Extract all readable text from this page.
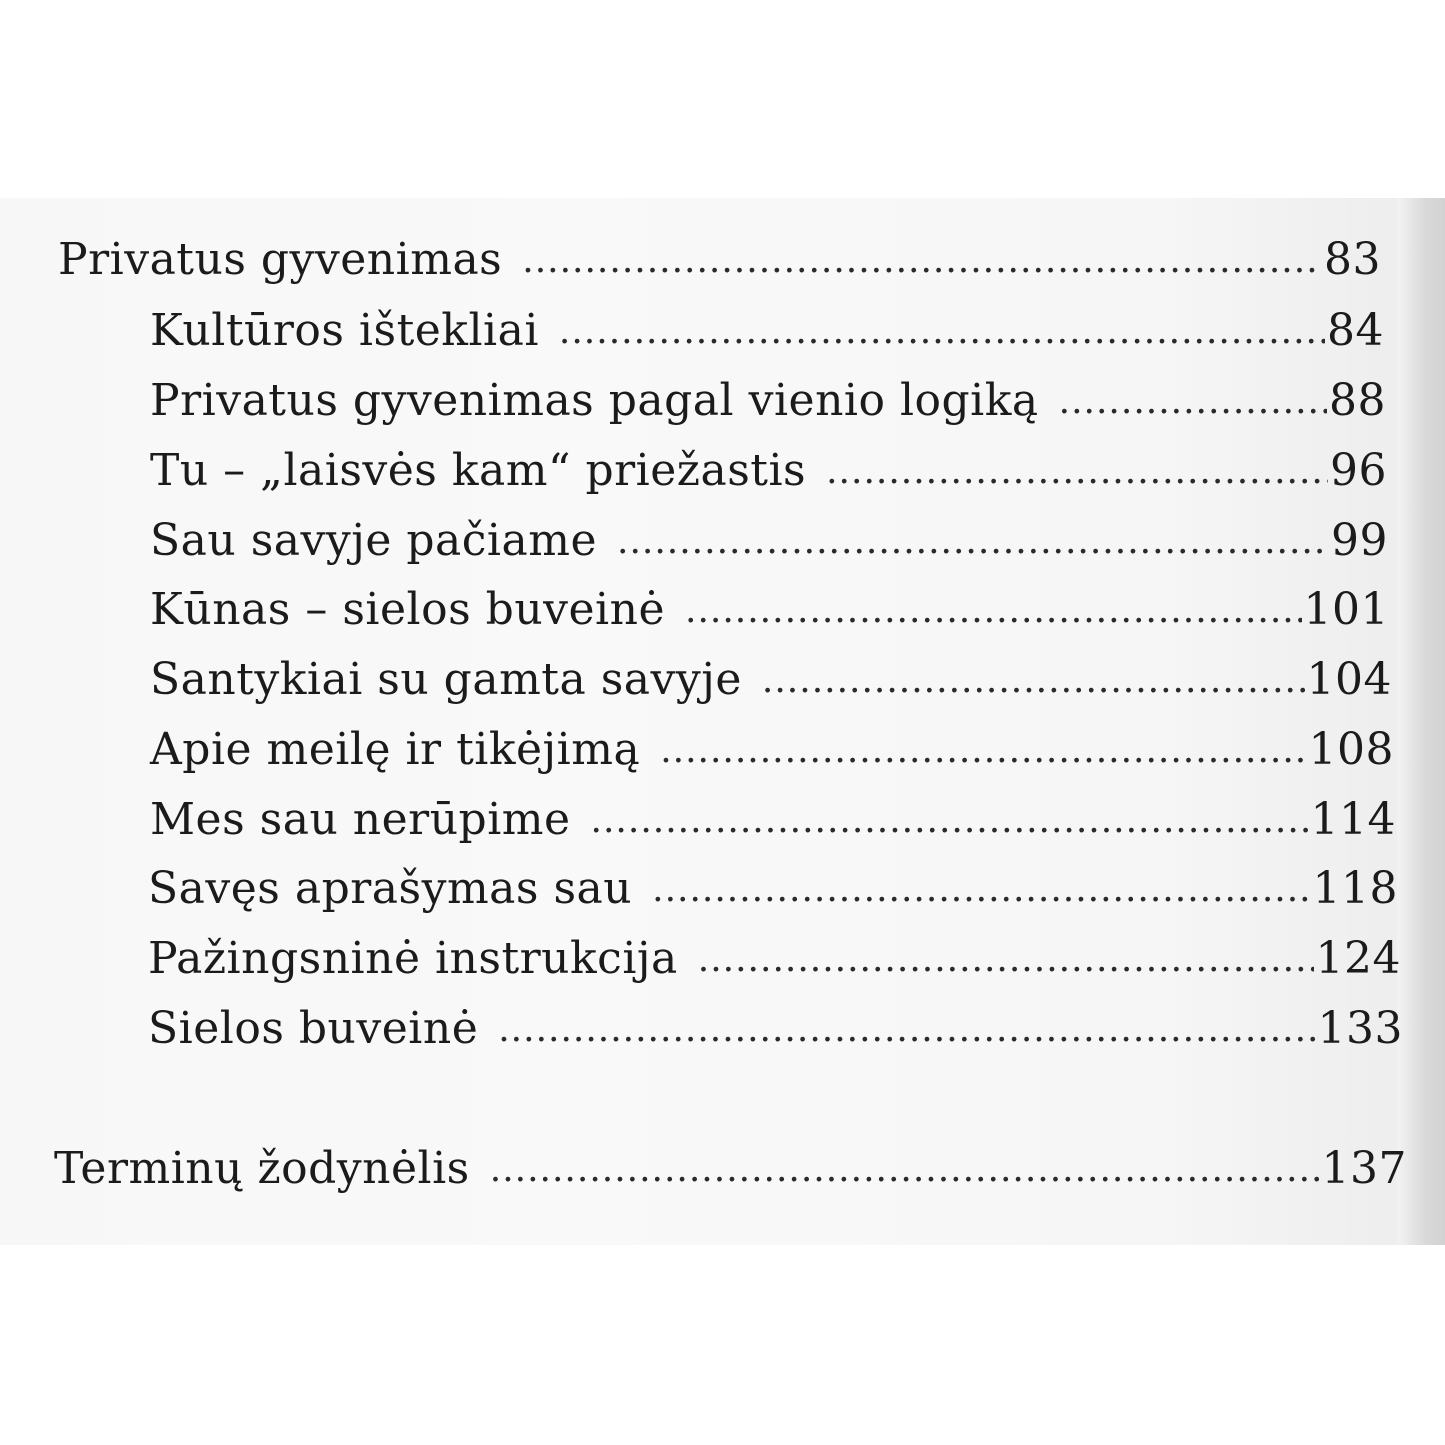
Privatus gyvenimas .....	83
Kultūros ištekliai .....	84
Privatus gyvenimas pagal vienio logiką .....	88
Tu – „laisvės kam“ priežastis .....	96
Sau savyje pačiame .....	99
Kūnas – sielos buveinė .....	101
Santykiai su gamta savyje .....	104
Apie meilę ir tikėjimą .....	108
Mes sau nerūpime .....	114
Savęs aprašymas sau .....	118
Pažingsninė instrukcija .....	124
Sielos buveinė .....	133
Terminų žodynėlis .....	137
